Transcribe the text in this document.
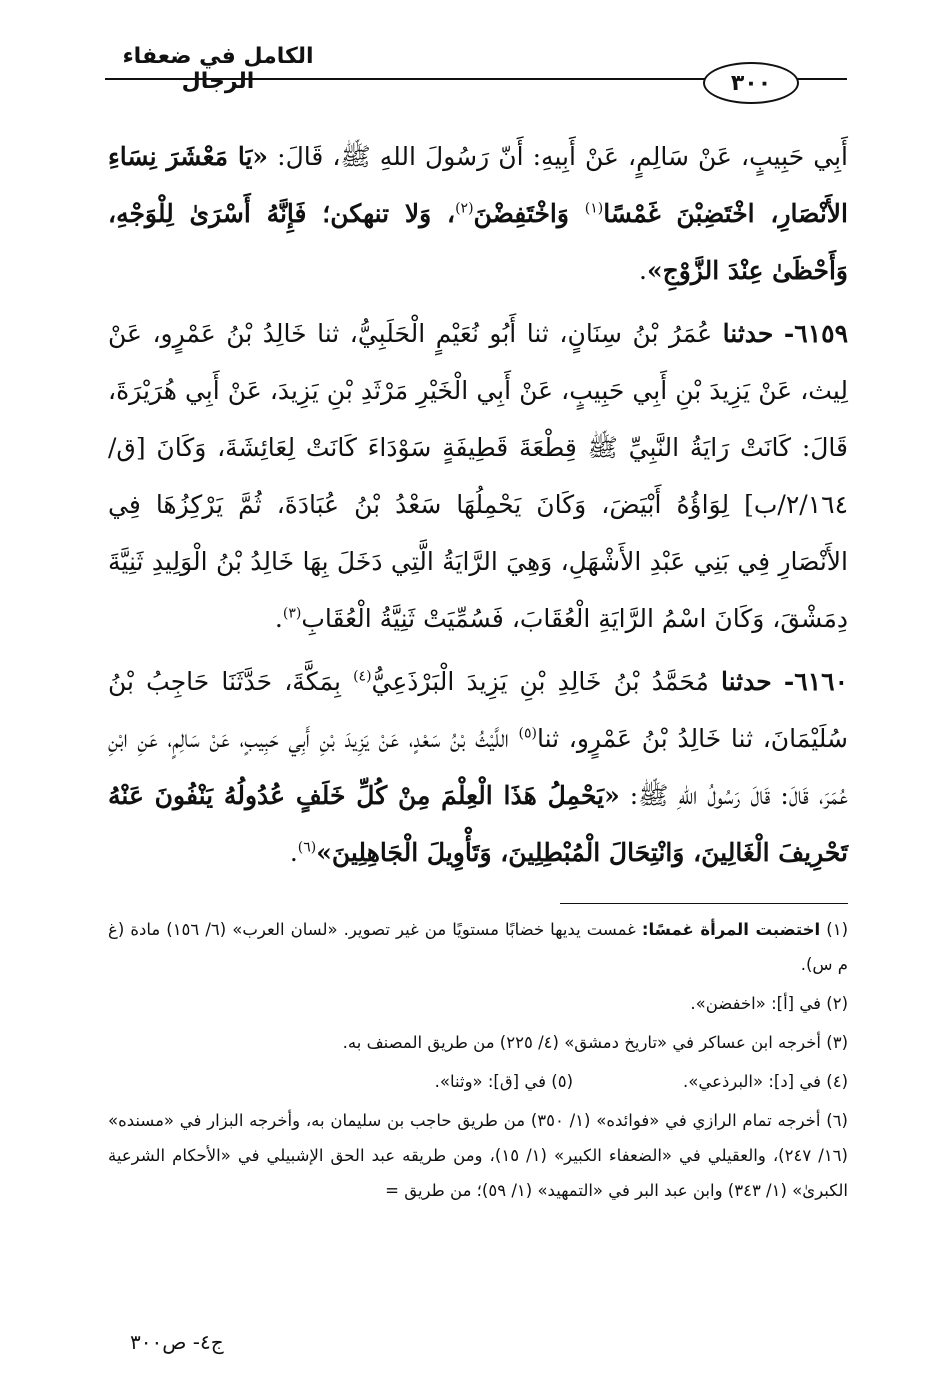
الكامل في ضعفاء الرجال	٣٠٠

أَبِي حَبِيبٍ، عَنْ سَالِمٍ، عَنْ أَبِيهِ: أَنّ رَسُولَ اللهِ ﷺ، قَالَ: «يَا مَعْشَرَ نِسَاءِ الأَنْصَارِ، اخْتَضِبْنَ غَمْسًا$^{(١)}$ وَاخْتَفِضْنَ$^{(٢)}$، وَلا تنهكن؛ فَإِنَّهُ أَسْرَىٰ لِلْوَجْهِ، وَأَحْظَىٰ عِنْدَ الزَّوْجِ».

٦١٥٩- حدثنا عُمَرُ بْنُ سِنَانٍ، ثنا أَبُو نُعَيْمٍ الْحَلَبِيُّ، ثنا خَالِدُ بْنُ عَمْرٍو، عَنْ لِيث، عَنْ يَزِيدَ بْنِ أَبِي حَبِيبٍ، عَنْ أَبِي الْخَيْرِ مَرْثَدِ بْنِ يَزِيدَ، عَنْ أَبِي هُرَيْرَةَ، قَالَ: كَانَتْ رَايَةُ النَّبِيِّ ﷺ قِطْعَةَ قَطِيفَةٍ سَوْدَاءَ كَانَتْ لِعَائِشَةَ، وَكَانَ [ق/٢/١٦٤/ب] لِوَاؤُهُ أَبْيَضَ، وَكَانَ يَحْمِلُهَا سَعْدُ بْنُ عُبَادَةَ، ثُمَّ يَرْكِزُهَا فِي الأَنْصَارِ فِي بَنِي عَبْدِ الأَشْهَلِ، وَهِيَ الرَّايَةُ الَّتِي دَخَلَ بِهَا خَالِدُ بْنُ الْوَلِيدِ ثَنِيَّةَ دِمَشْقَ، وَكَانَ اسْمُ الرَّايَةِ الْعُقَابَ، فَسُمِّيَتْ ثَنِيَّةُ الْعُقَابِ$^{(٣)}$.

٦١٦٠- حدثنا مُحَمَّدُ بْنُ خَالِدِ بْنِ يَزِيدَ الْبَرْذَعِيُّ$^{(٤)}$ بِمَكَّةَ، حَدَّثَنَا حَاجِبُ بْنُ سُلَيْمَانَ، ثنا خَالِدُ بْنُ عَمْرٍو، ثنا$^{(٥)}$ اللَّيْثُ بْنُ سَعْدٍ، عَنْ يَزِيدَ بْنِ أَبِي حَبِيبٍ، عَنْ سَالِمٍ، عَنِ ابْنِ عُمَرَ، قَالَ: قَالَ رَسُولُ اللهِ ﷺ: «يَحْمِلُ هَذَا الْعِلْمَ مِنْ كُلِّ خَلَفٍ عُدُولُهُ يَنْفُونَ عَنْهُ تَحْرِيفَ الْغَالِينَ، وَانْتِحَالَ الْمُبْطِلِينَ، وَتَأْوِيلَ الْجَاهِلِينَ»$^{(٦)}$.

(١) اختضبت المرأة غمسًا: غمست يديها خضابًا مستويًا من غير تصوير. «لسان العرب» (٦/ ١٥٦) مادة (غ م س).
(٢) في [أ]: «اخفضن».
(٣) أخرجه ابن عساكر في «تاريخ دمشق» (٤/ ٢٢٥) من طريق المصنف به.
(٤) في [د]: «البرذعي».
(٥) في [ق]: «وثنا».
(٦) أخرجه تمام الرازي في «فوائده» (١/ ٣٥٠) من طريق حاجب بن سليمان به، وأخرجه البزار في «مسنده» (١٦/ ٢٤٧)، والعقيلي في «الضعفاء الكبير» (١/ ١٥)، ومن طريقه عبد الحق الإشبيلي في «الأحكام الشرعية الكبرىٰ» (١/ ٣٤٣) وابن عبد البر في «التمهيد» (١/ ٥٩)؛ من طريق =
ج٤- ص٣٠٠
